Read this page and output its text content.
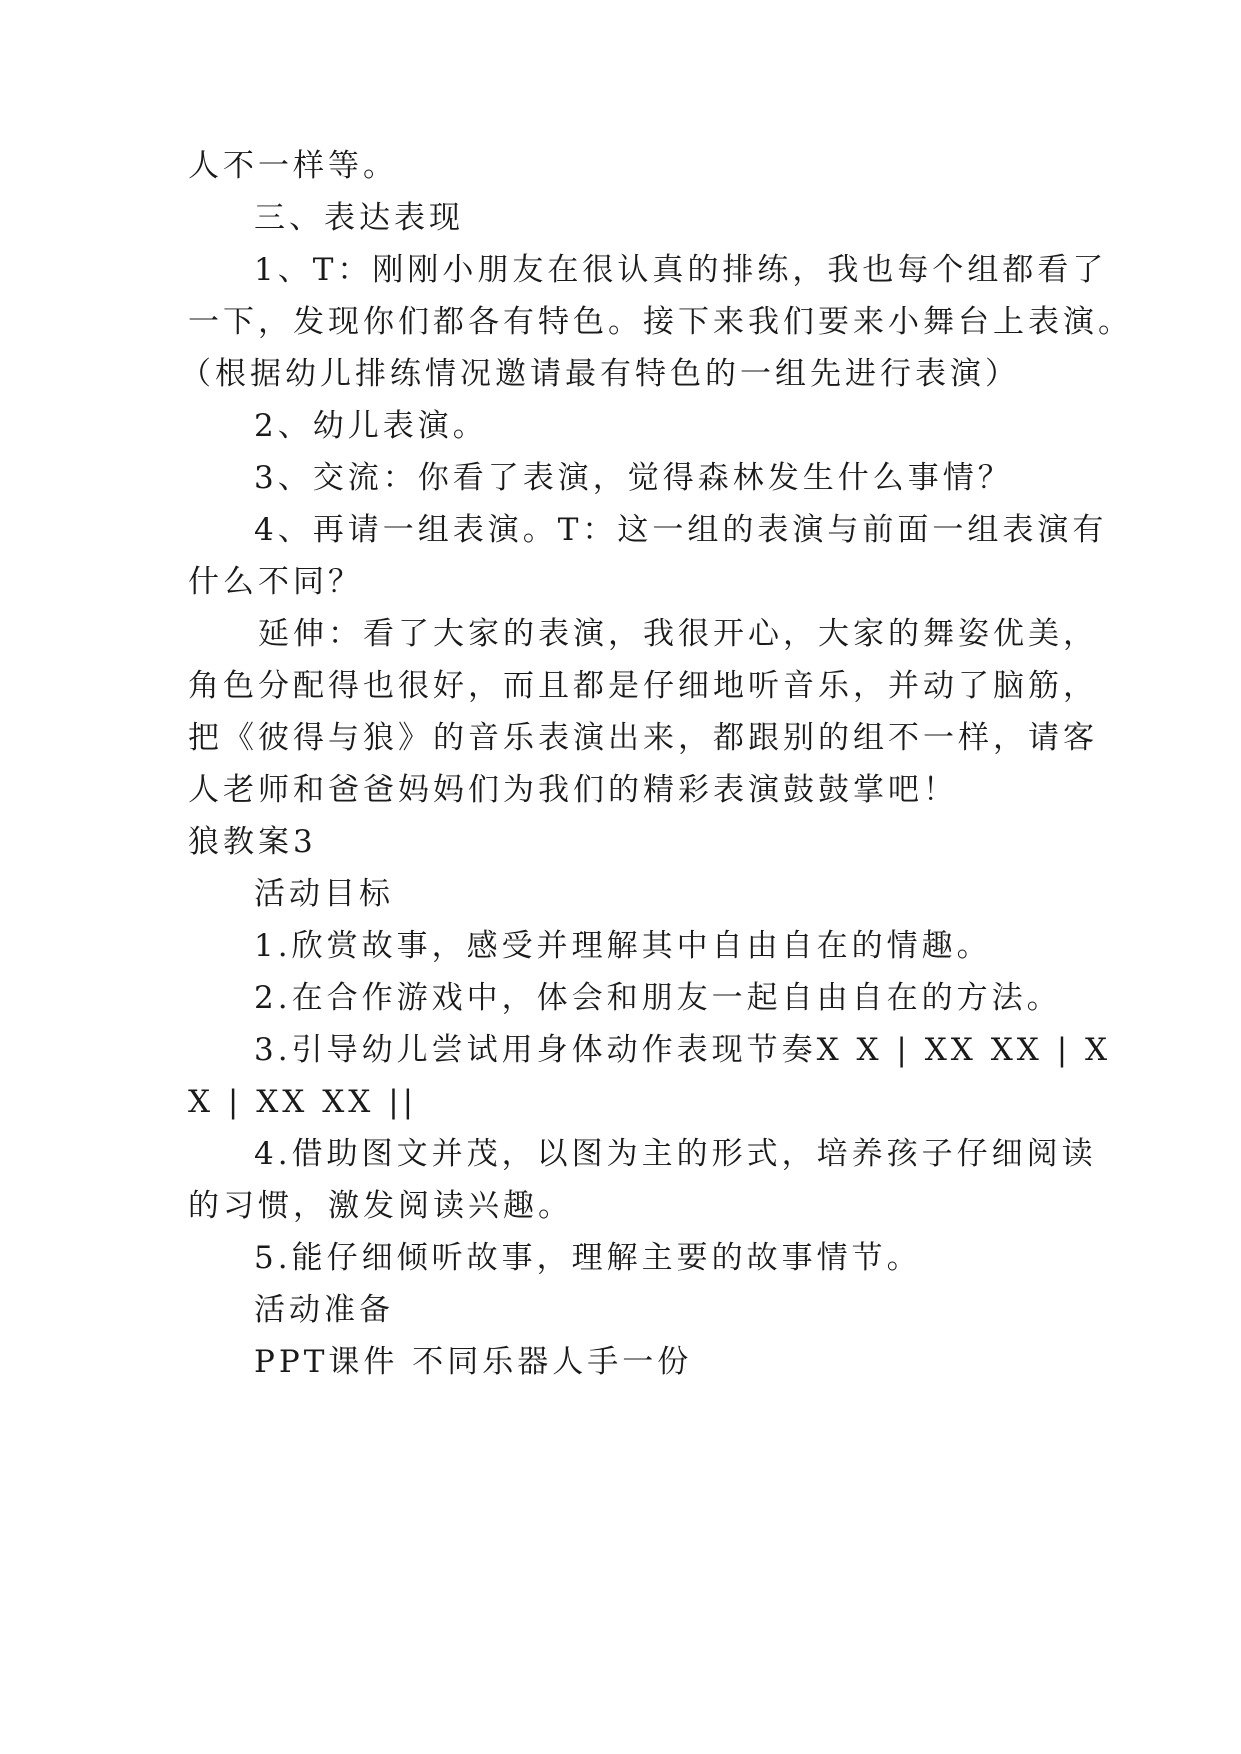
人不一样等。
三、表达表现
1、T：刚刚小朋友在很认真的排练，我也每个组都看了
一下，发现你们都各有特色。接下来我们要来小舞台上表演。
（根据幼儿排练情况邀请最有特色的一组先进行表演）
2、幼儿表演。
3、交流：你看了表演，觉得森林发生什么事情？
4、再请一组表演。T：这一组的表演与前面一组表演有
什么不同？
延伸：看了大家的表演，我很开心，大家的舞姿优美，
角色分配得也很好，而且都是仔细地听音乐，并动了脑筋，
把《彼得与狼》的音乐表演出来，都跟别的组不一样，请客
人老师和爸爸妈妈们为我们的精彩表演鼓鼓掌吧！
狼教案3
活动目标
1.欣赏故事，感受并理解其中自由自在的情趣。
2.在合作游戏中，体会和朋友一起自由自在的方法。
3.引导幼儿尝试用身体动作表现节奏X X | XX XX | X
X | XX XX ||
4.借助图文并茂，以图为主的形式，培养孩子仔细阅读
的习惯，激发阅读兴趣。
5.能仔细倾听故事，理解主要的故事情节。
活动准备
PPT课件 不同乐器人手一份
